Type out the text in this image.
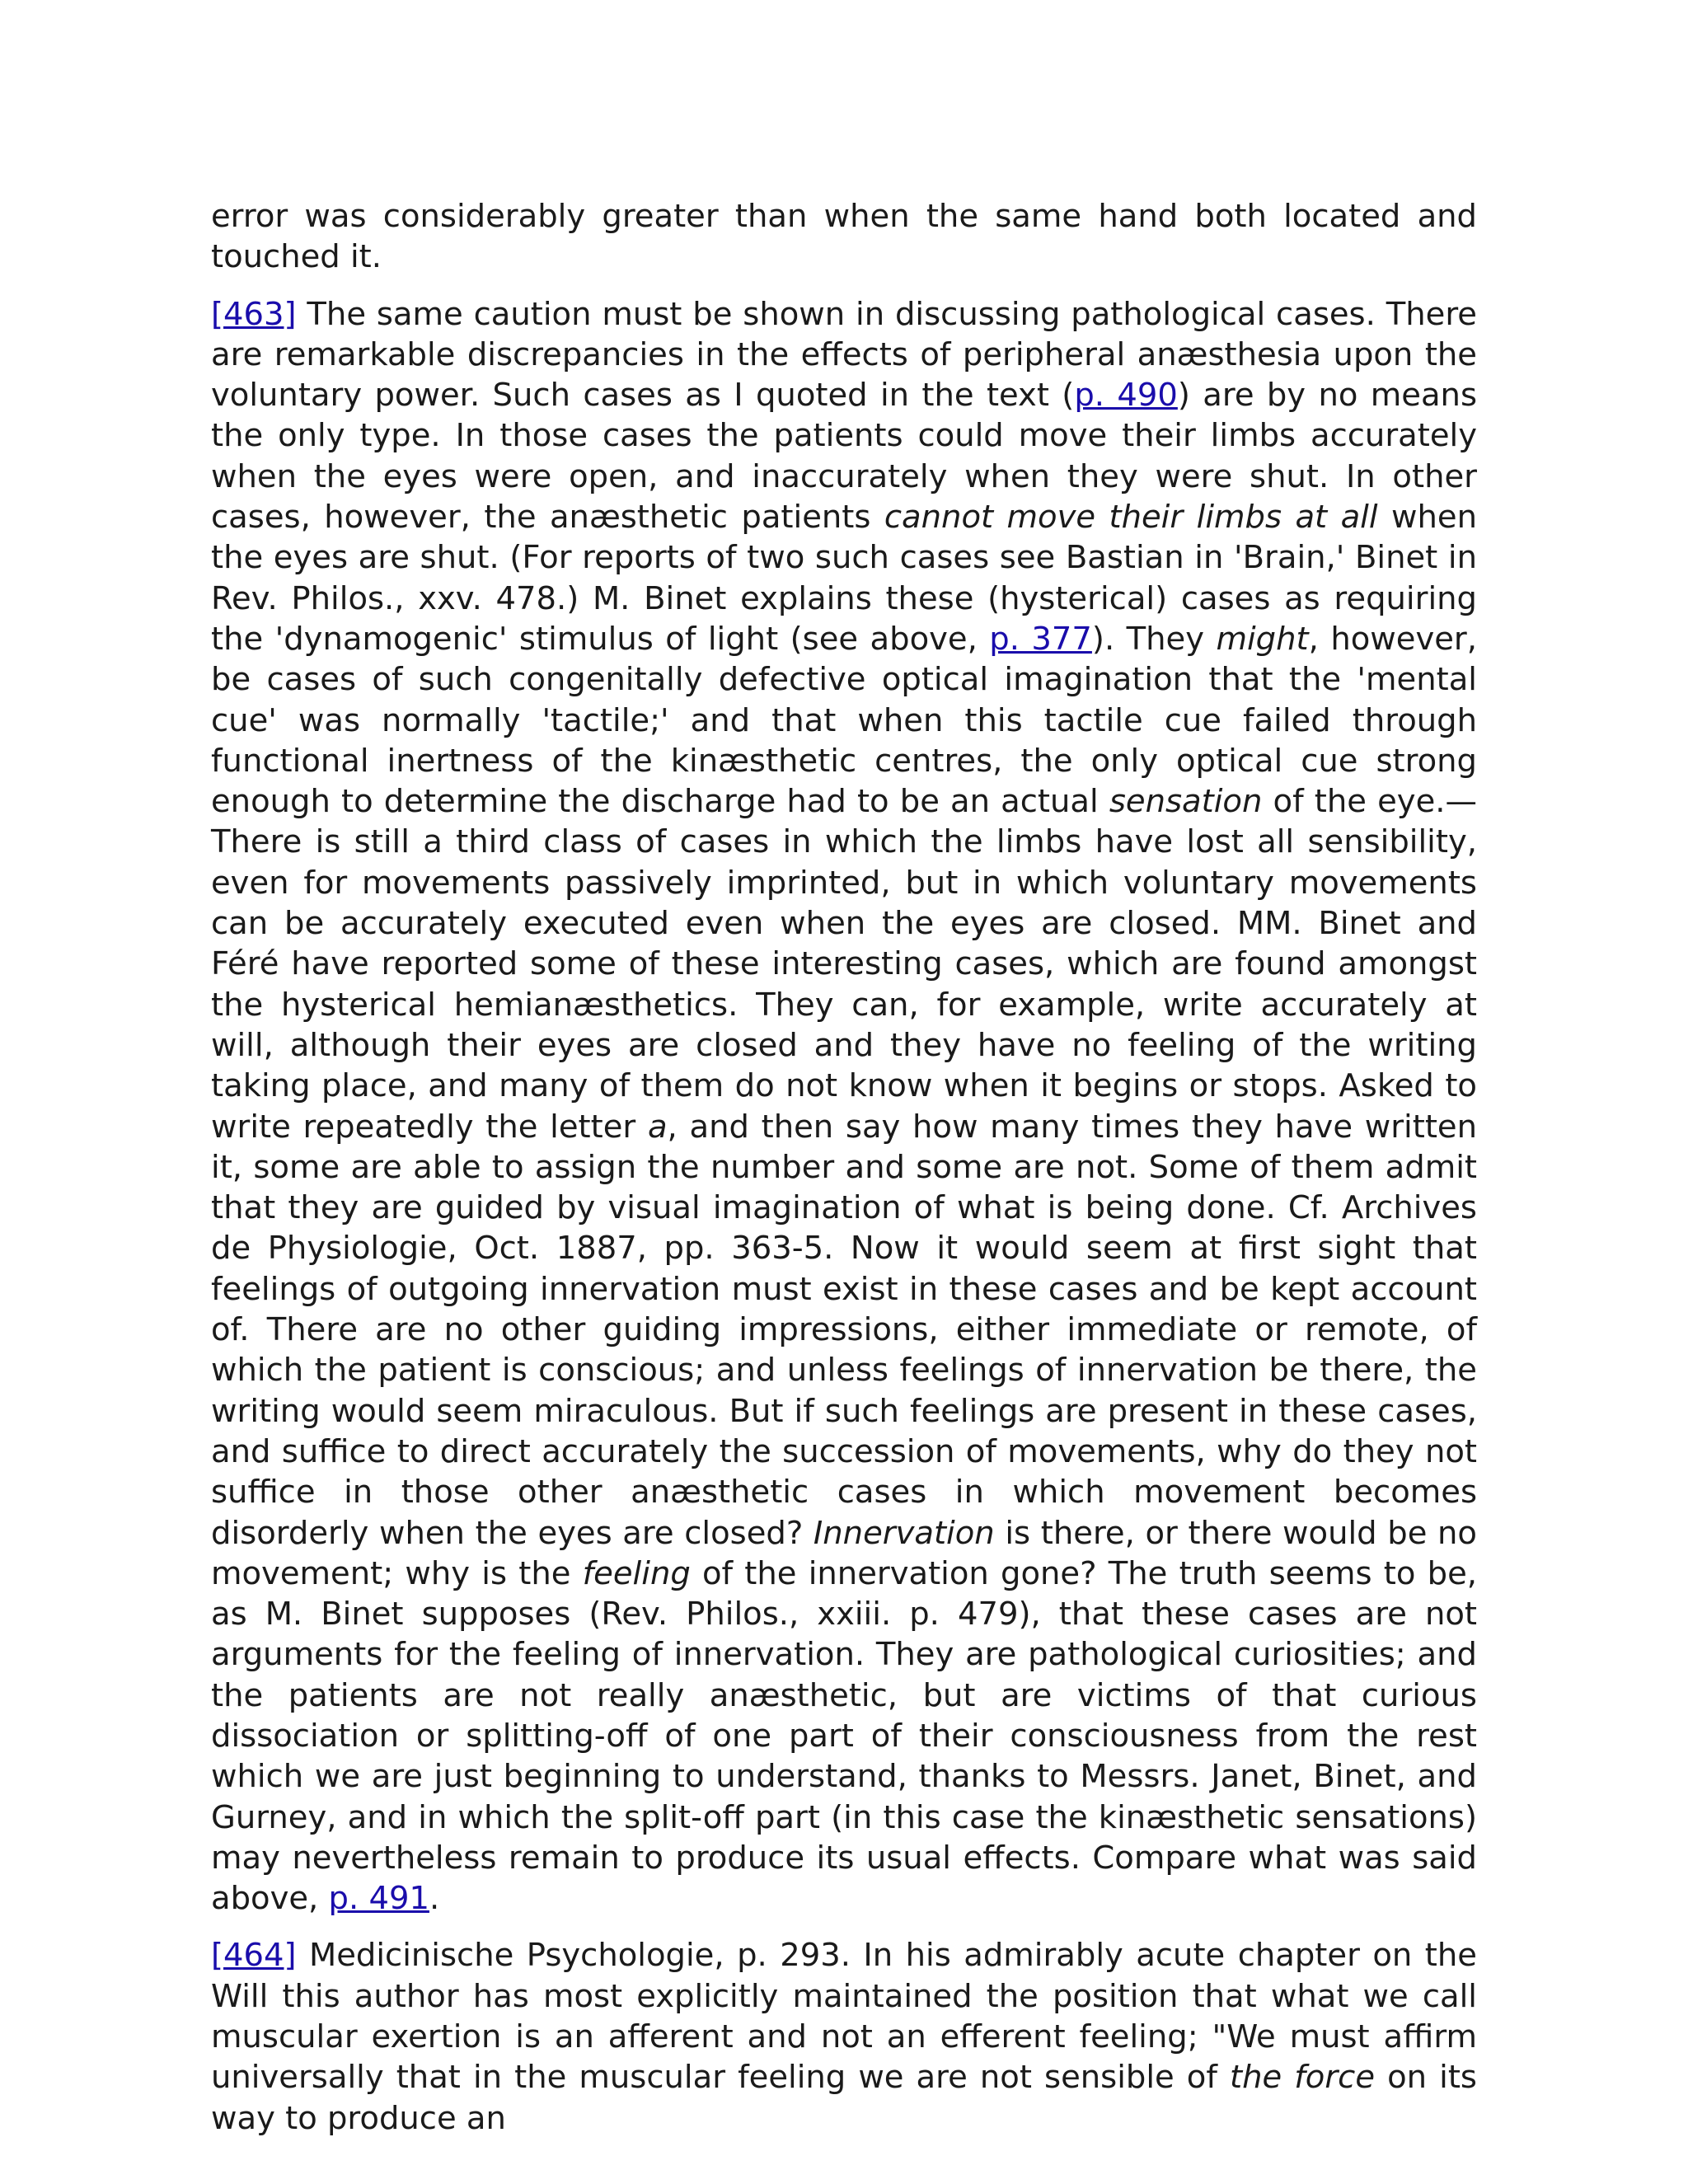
error was considerably greater than when the same hand both located and touched it.

[463] The same caution must be shown in discussing pathological cases. There are remarkable discrepancies in the effects of peripheral anæsthesia upon the voluntary power. Such cases as I quoted in the text (p. 490) are by no means the only type. In those cases the patients could move their limbs accurately when the eyes were open, and inaccurately when they were shut. In other cases, however, the anæsthetic patients cannot move their limbs at all when the eyes are shut. (For reports of two such cases see Bastian in 'Brain,' Binet in Rev. Philos., xxv. 478.) M. Binet explains these (hysterical) cases as requiring the 'dynamogenic' stimulus of light (see above, p. 377). They might, however, be cases of such congenitally defective optical imagination that the 'mental cue' was normally 'tactile;' and that when this tactile cue failed through functional inertness of the kinæsthetic centres, the only optical cue strong enough to determine the discharge had to be an actual sensation of the eye.—There is still a third class of cases in which the limbs have lost all sensibility, even for movements passively imprinted, but in which voluntary movements can be accurately executed even when the eyes are closed. MM. Binet and Féré have reported some of these interesting cases, which are found amongst the hysterical hemianæsthetics. They can, for example, write accurately at will, although their eyes are closed and they have no feeling of the writing taking place, and many of them do not know when it begins or stops. Asked to write repeatedly the letter a, and then say how many times they have written it, some are able to assign the number and some are not. Some of them admit that they are guided by visual imagination of what is being done. Cf. Archives de Physiologie, Oct. 1887, pp. 363-5. Now it would seem at first sight that feelings of outgoing innervation must exist in these cases and be kept account of. There are no other guiding impressions, either immediate or remote, of which the patient is conscious; and unless feelings of innervation be there, the writing would seem miraculous. But if such feelings are present in these cases, and suffice to direct accurately the succession of movements, why do they not suffice in those other anæsthetic cases in which movement becomes disorderly when the eyes are closed? Innervation is there, or there would be no movement; why is the feeling of the innervation gone? The truth seems to be, as M. Binet supposes (Rev. Philos., xxiii. p. 479), that these cases are not arguments for the feeling of innervation. They are pathological curiosities; and the patients are not really anæsthetic, but are victims of that curious dissociation or splitting-off of one part of their consciousness from the rest which we are just beginning to understand, thanks to Messrs. Janet, Binet, and Gurney, and in which the split-off part (in this case the kinæsthetic sensations) may nevertheless remain to produce its usual effects. Compare what was said above, p. 491.

[464] Medicinische Psychologie, p. 293. In his admirably acute chapter on the Will this author has most explicitly maintained the position that what we call muscular exertion is an afferent and not an efferent feeling; "We must affirm universally that in the muscular feeling we are not sensible of the force on its way to produce an
